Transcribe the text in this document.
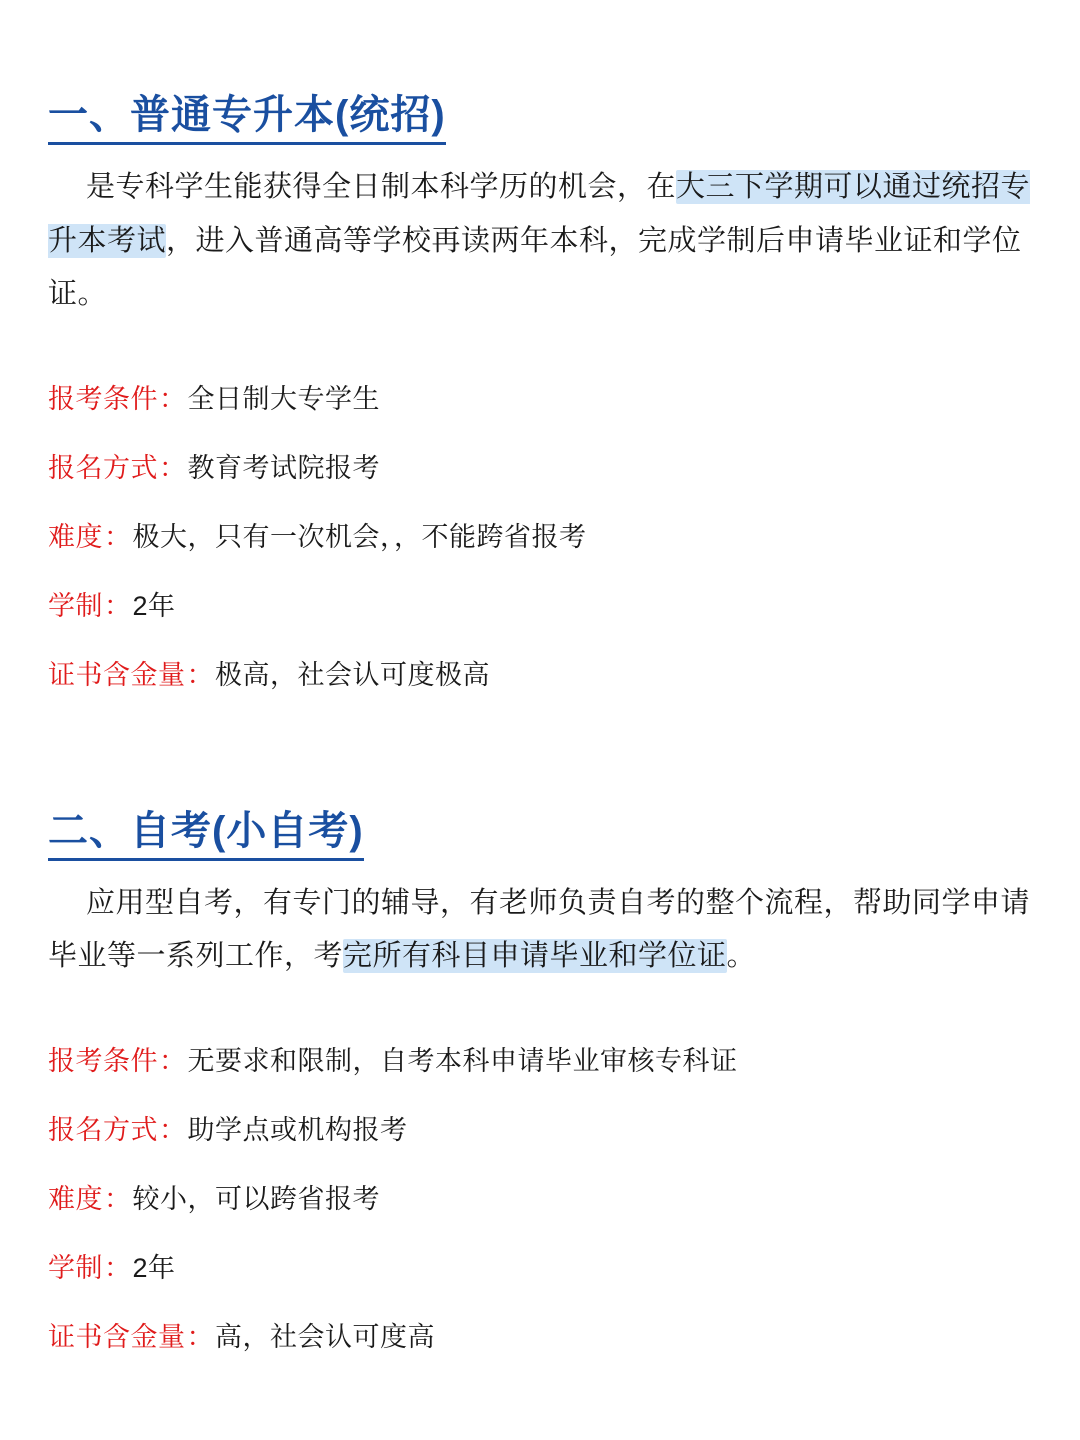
一、普通专升本(统招)

是专科学生能获得全日制本科学历的机会，在大三下学期可以通过统招专升本考试，进入普通高等学校再读两年本科，完成学制后申请毕业证和学位证。

报考条件：全日制大专学生
报名方式：教育考试院报考
难度：极大，只有一次机会，，不能跨省报考
学制：2年
证书含金量：极高，社会认可度极高
二、自考(小自考)

应用型自考，有专门的辅导，有老师负责自考的整个流程，帮助同学申请毕业等一系列工作，考完所有科目申请毕业和学位证。

报考条件：无要求和限制，自考本科申请毕业审核专科证
报名方式：助学点或机构报考
难度：较小，可以跨省报考
学制：2年
证书含金量：高，社会认可度高
